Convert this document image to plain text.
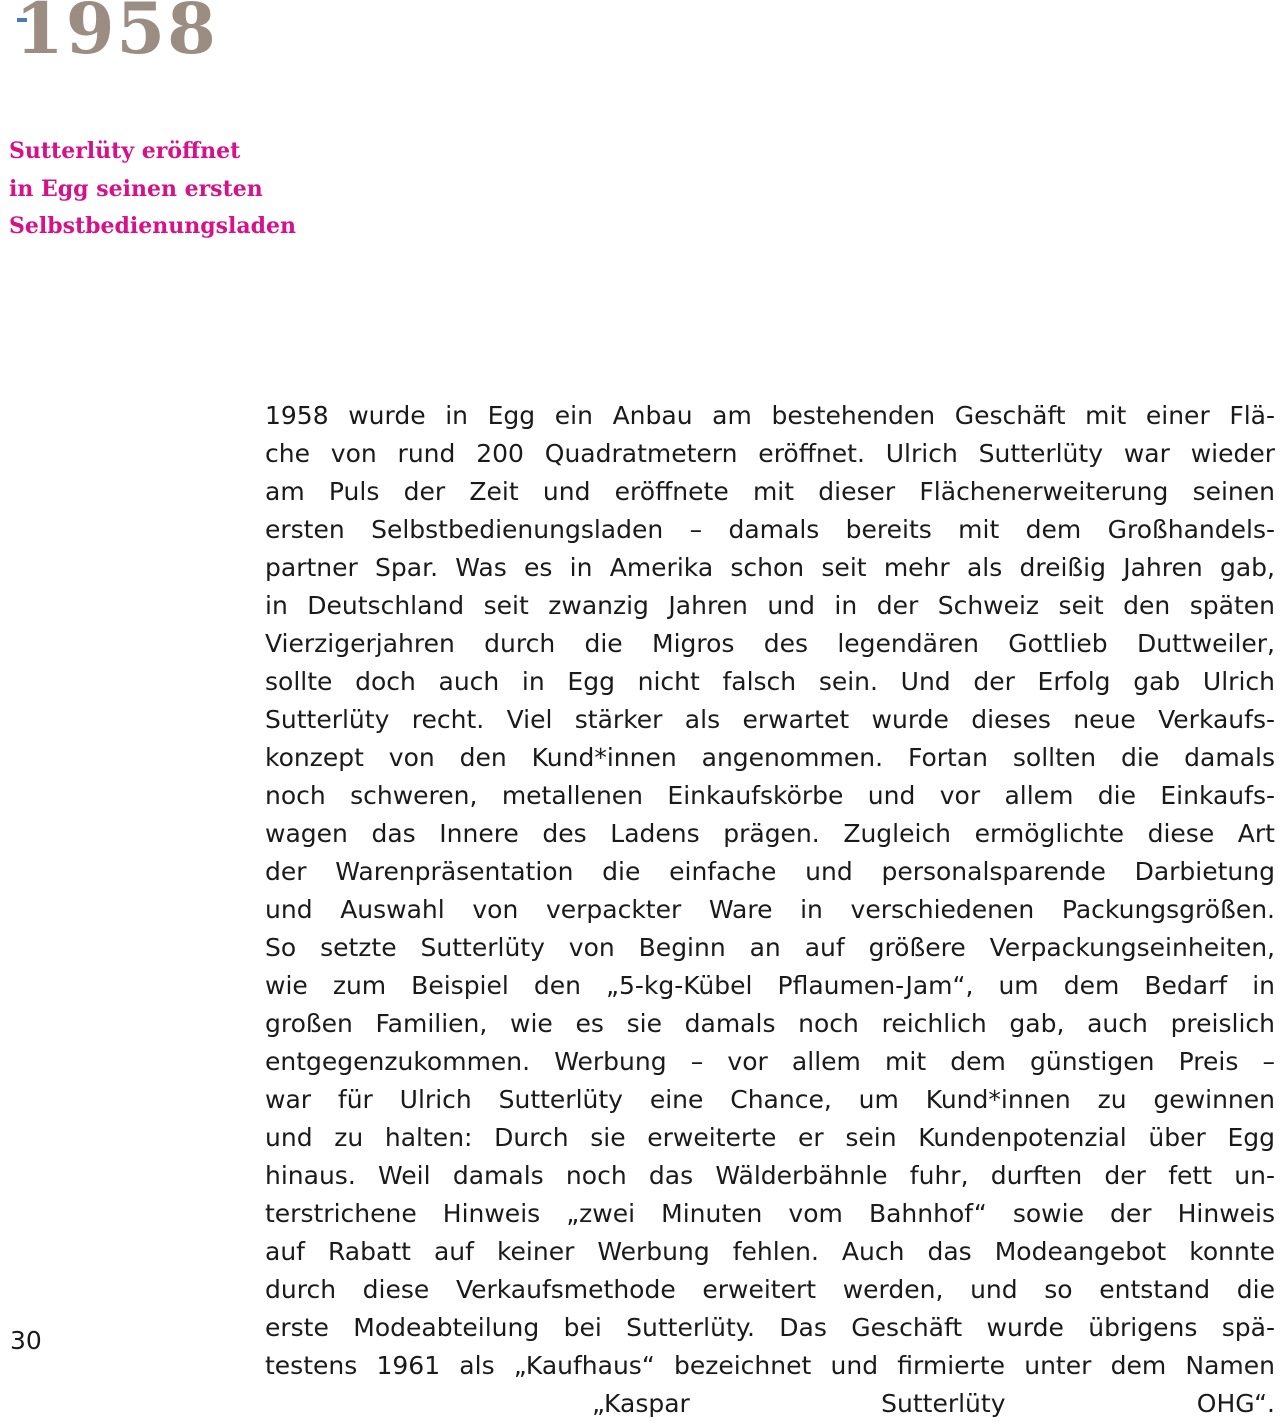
1958
Sutterlüty eröffnet
in Egg seinen ersten
Selbstbedienungsladen
1958 wurde in Egg ein Anbau am bestehenden Geschäft mit einer Flä-
che von rund 200 Quadratmetern eröffnet. Ulrich Sutterlüty war wieder
am Puls der Zeit und eröffnete mit dieser Flächenerweiterung seinen
ersten Selbstbedienungsladen – damals bereits mit dem Großhandels-
partner Spar. Was es in Amerika schon seit mehr als dreißig Jahren gab,
in Deutschland seit zwanzig Jahren und in der Schweiz seit den späten
Vierzigerjahren durch die Migros des legendären Gottlieb Duttweiler,
sollte doch auch in Egg nicht falsch sein. Und der Erfolg gab Ulrich
Sutterlüty recht. Viel stärker als erwartet wurde dieses neue Verkaufs-
konzept von den Kund*innen angenommen. Fortan sollten die damals
noch schweren, metallenen Einkaufskörbe und vor allem die Einkaufs-
wagen das Innere des Ladens prägen. Zugleich ermöglichte diese Art
der Warenpräsentation die einfache und personalsparende Darbietung
und Auswahl von verpackter Ware in verschiedenen Packungsgrößen.
So setzte Sutterlüty von Beginn an auf größere Verpackungseinheiten,
wie zum Beispiel den „5-kg-Kübel Pflaumen-Jam“, um dem Bedarf in
großen Familien, wie es sie damals noch reichlich gab, auch preislich
entgegenzukommen. Werbung – vor allem mit dem günstigen Preis –
war für Ulrich Sutterlüty eine Chance, um Kund*innen zu gewinnen
und zu halten: Durch sie erweiterte er sein Kundenpotenzial über Egg
hinaus. Weil damals noch das Wälderbähnle fuhr, durften der fett un-
terstrichene Hinweis „zwei Minuten vom Bahnhof“ sowie der Hinweis
auf Rabatt auf keiner Werbung fehlen. Auch das Modeangebot konnte
durch diese Verkaufsmethode erweitert werden, und so entstand die
erste Modeabteilung bei Sutterlüty. Das Geschäft wurde übrigens spä-
testens 1961 als „Kaufhaus“ bezeichnet und firmierte unter dem Namen
„Kaspar Sutterlüty OHG“.

30
